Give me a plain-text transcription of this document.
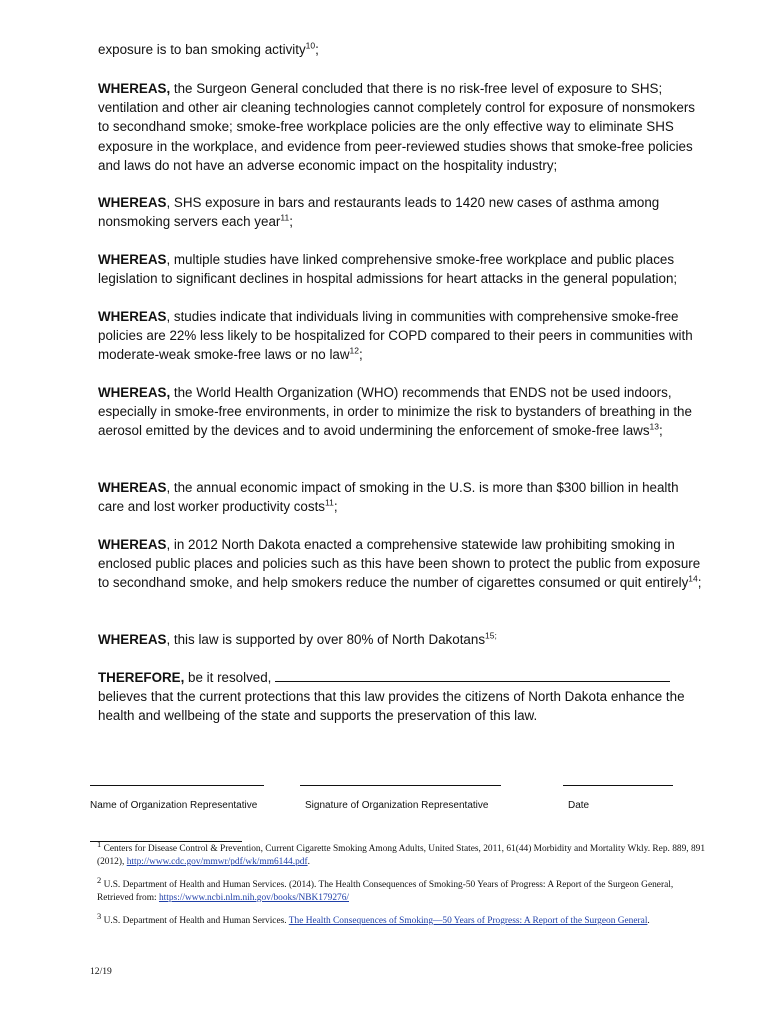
exposure is to ban smoking activity$^{10}$;

WHEREAS, the Surgeon General concluded that there is no risk-free level of exposure to SHS; ventilation and other air cleaning technologies cannot completely control for exposure of nonsmokers to secondhand smoke; smoke-free workplace policies are the only effective way to eliminate SHS exposure in the workplace, and evidence from peer-reviewed studies shows that smoke-free policies and laws do not have an adverse economic impact on the hospitality industry;

WHEREAS, SHS exposure in bars and restaurants leads to 1420 new cases of asthma among nonsmoking servers each year$^{11}$;

WHEREAS, multiple studies have linked comprehensive smoke-free workplace and public places legislation to significant declines in hospital admissions for heart attacks in the general population;

WHEREAS, studies indicate that individuals living in communities with comprehensive smoke-free policies are 22% less likely to be hospitalized for COPD compared to their peers in communities with moderate-weak smoke-free laws or no law$^{12}$;

WHEREAS, the World Health Organization (WHO) recommends that ENDS not be used indoors, especially in smoke-free environments, in order to minimize the risk to bystanders of breathing in the aerosol emitted by the devices and to avoid undermining the enforcement of smoke-free laws$^{13}$;

WHEREAS, the annual economic impact of smoking in the U.S. is more than $300 billion in health care and lost worker productivity costs$^{11}$;

WHEREAS, in 2012 North Dakota enacted a comprehensive statewide law prohibiting smoking in enclosed public places and policies such as this have been shown to protect the public from exposure to secondhand smoke, and help smokers reduce the number of cigarettes consumed or quit entirely$^{14}$;

WHEREAS, this law is supported by over 80% of North Dakotans$^{15;}$

THEREFORE, be it resolved,
believes that the current protections that this law provides the citizens of North Dakota enhance the health and wellbeing of the state and supports the preservation of this law.

Name of Organization Representative	Signature of Organization Representative	Date
$^1$ Centers for Disease Control & Prevention, Current Cigarette Smoking Among Adults, United States, 2011, 61(44) Morbidity and Mortality Wkly. Rep. 889, 891 (2012), http://www.cdc.gov/mmwr/pdf/wk/mm6144.pdf.
$^2$ U.S. Department of Health and Human Services. (2014). The Health Consequences of Smoking-50 Years of Progress: A Report of the Surgeon General, Retrieved from: https://www.ncbi.nlm.nih.gov/books/NBK179276/
$^3$ U.S. Department of Health and Human Services. The Health Consequences of Smoking—50 Years of Progress: A Report of the Surgeon General.
12/19
